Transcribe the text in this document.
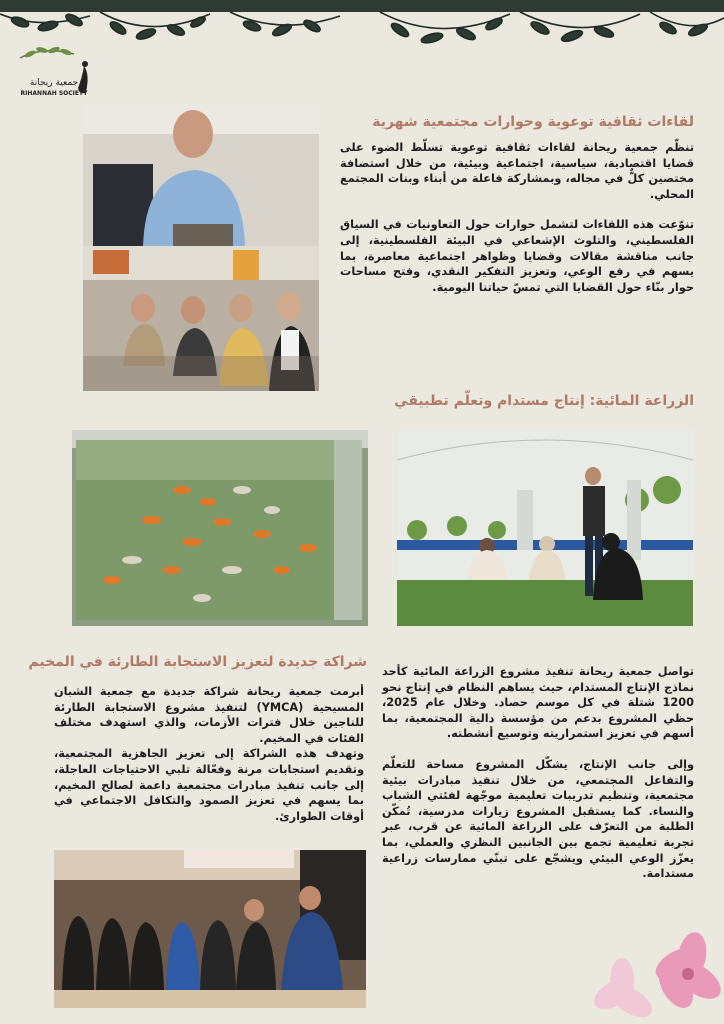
جمعية ريحانة
RIHANNAH SOCIETY
لقاءات ثقافية توعوية وحوارات مجتمعية شهرية

تنظّم جمعية ريحانة لقاءات ثقافية توعوية تسلّط الضوء على قضايا اقتصادية، سياسية، اجتماعية وبيئية، من خلال استضافة مختصين كلٌّ في مجاله، وبمشاركة فاعلة من أبناء وبنات المجتمع المحلي.

تنوّعت هذه اللقاءات لتشمل حوارات حول التعاونيات في السياق الفلسطيني، والتلوث الإشعاعي في البيئة الفلسطينية، إلى جانب مناقشة مقالات وقضايا وظواهر اجتماعية معاصرة، بما يسهم في رفع الوعي، وتعزيز التفكير النقدي، وفتح مساحات حوار بنّاء حول القضايا التي تمسّ حياتنا اليومية.

الزراعة المائية: إنتاج مستدام وتعلّم تطبيقي
شراكة جديدة لتعزيز الاستجابة الطارئة في المخيم

أبرمت جمعية ريحانة شراكة جديدة مع جمعية الشبان المسيحية (YMCA) لتنفيذ مشروع الاستجابة الطارئة للناجين خلال فترات الأزمات، والذي استهدف مختلف الفئات في المخيم.

وتهدف هذه الشراكة إلى تعزيز الجاهزية المجتمعية، وتقديم استجابات مرنة وفعّالة تلبي الاحتياجات العاجلة، إلى جانب تنفيذ مبادرات مجتمعية داعمة لصالح المخيم، بما يسهم في تعزيز الصمود والتكافل الاجتماعي في أوقات الطوارئ.

تواصل جمعية ريحانة تنفيذ مشروع الزراعة المائية كأحد نماذج الإنتاج المستدام، حيث يساهم النظام في إنتاج نحو 1200 شتلة في كل موسم حصاد. وخلال عام 2025، حظي المشروع بدعم من مؤسسة دالية المجتمعية، بما أسهم في تعزيز استمراريته وتوسيع أنشطته.

وإلى جانب الإنتاج، يشكّل المشروع مساحة للتعلّم والتفاعل المجتمعي، من خلال تنفيذ مبادرات بيئية مجتمعية، وتنظيم تدريبات تعليمية موجّهة لفئتي الشباب والنساء. كما يستقبل المشروع زيارات مدرسية، تُمكّن الطلبة من التعرّف على الزراعة المائية عن قرب، عبر تجربة تعليمية تجمع بين الجانبين النظري والعملي، بما يعزّز الوعي البيئي ويشجّع على تبنّي ممارسات زراعية مستدامة.
